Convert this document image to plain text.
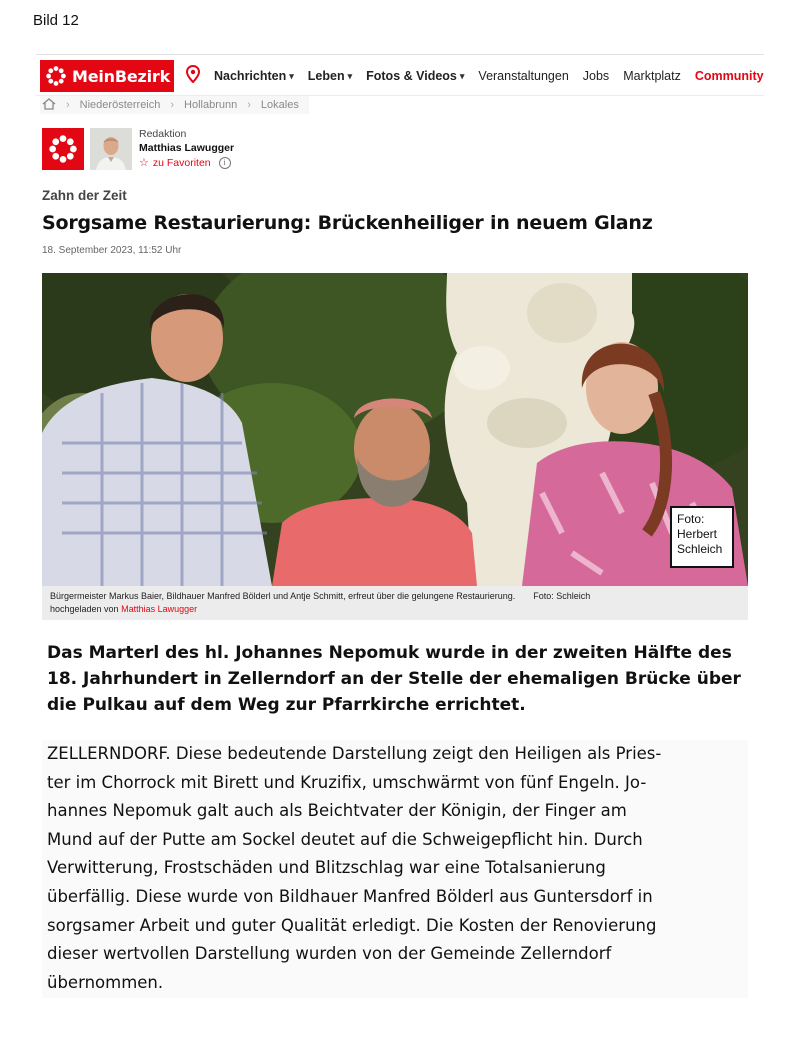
Bild 12
MeinBezirk	Nachrichten ▾ Leben ▾ Fotos & Videos ▾ Veranstaltungen Jobs Marktplatz Community
› Niederösterreich › Hollabrunn › Lokales
Redaktion
Matthias Lawugger
☆ zu Favoriten	i
Zahn der Zeit
Sorgsame Restaurierung: Brückenheiliger in neuem Glanz
18. September 2023, 11:52 Uhr
Foto:
Herbert
Schleich
Bürgermeister Markus Baier, Bildhauer Manfred Bölderl und Antje Schmitt, erfreut über die gelungene Restaurierung. Foto: Schleich
hochgeladen von Matthias Lawugger
Das Marterl des hl. Johannes Nepomuk wurde in der zweiten Hälfte des
18. Jahrhundert in Zellerndorf an der Stelle der ehemaligen Brücke über
die Pulkau auf dem Weg zur Pfarrkirche errichtet.
ZELLERNDORF. Diese bedeutende Darstellung zeigt den Heiligen als Pries-
ter im Chorrock mit Birett und Kruzifix, umschwärmt von fünf Engeln. Jo-
hannes Nepomuk galt auch als Beichtvater der Königin, der Finger am
Mund auf der Putte am Sockel deutet auf die Schweigepflicht hin. Durch
Verwitterung, Frostschäden und Blitzschlag war eine Totalsanierung
überfällig. Diese wurde von Bildhauer Manfred Bölderl aus Guntersdorf in
sorgsamer Arbeit und guter Qualität erledigt. Die Kosten der Renovierung
dieser wertvollen Darstellung wurden von der Gemeinde Zellerndorf
übernommen.
